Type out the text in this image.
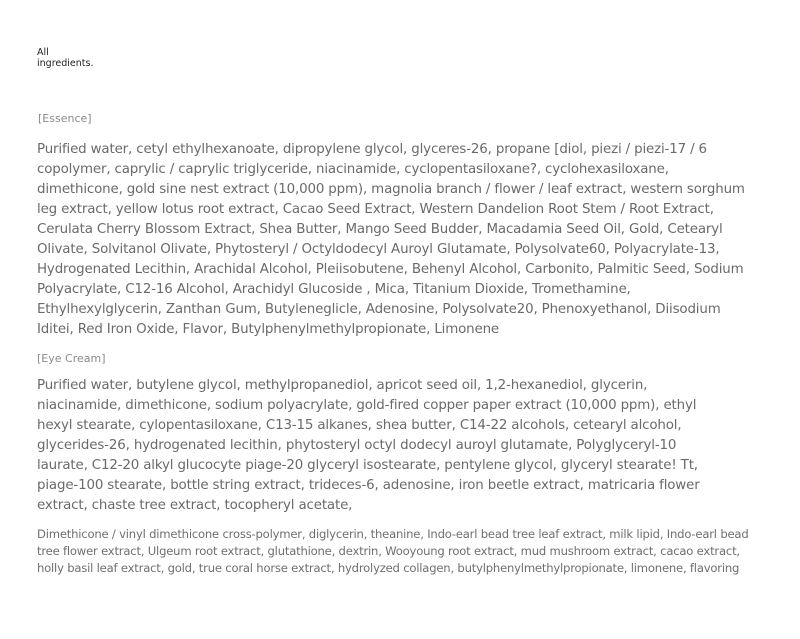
All
ingredients.
[Essence]
Purified water, cetyl ethylhexanoate, dipropylene glycol, glyceres-26, propane [diol, piezi / piezi-17 / 6 copolymer, caprylic / caprylic triglyceride, niacinamide, cyclopentasiloxane?, cyclohexasiloxane, dimethicone, gold sine nest extract (10,000 ppm), magnolia branch / flower / leaf extract, western sorghum leg extract, yellow lotus root extract, Cacao Seed Extract, Western Dandelion Root Stem / Root Extract, Cerulata Cherry Blossom Extract, Shea Butter, Mango Seed Budder, Macadamia Seed Oil, Gold, Cetearyl Olivate, Solvitanol Olivate, Phytosteryl / Octyldodecyl Auroyl Glutamate, Polysolvate60, Polyacrylate-13, Hydrogenated Lecithin, Arachidal Alcohol, Pleiisobutene, Behenyl Alcohol, Carbonito, Palmitic Seed, Sodium Polyacrylate, C12-16 Alcohol, Arachidyl Glucoside , Mica, Titanium Dioxide, Tromethamine, Ethylhexylglycerin, Zanthan Gum, Butyleneglicle, Adenosine, Polysolvate20, Phenoxyethanol, Diisodium Iditei, Red Iron Oxide, Flavor, Butylphenylmethylpropionate, Limonene
[Eye Cream]
Purified water, butylene glycol, methylpropanediol, apricot seed oil, 1,2-hexanediol, glycerin, niacinamide, dimethicone, sodium polyacrylate, gold-fired copper paper extract (10,000 ppm), ethyl hexyl stearate, cylopentasiloxane, C13-15 alkanes, shea butter, C14-22 alcohols, cetearyl alcohol, glycerides-26, hydrogenated lecithin, phytosteryl octyl dodecyl auroyl glutamate, Polyglyceryl-10 laurate, C12-20 alkyl glucocyte piage-20 glyceryl isostearate, pentylene glycol, glyceryl stearate! Tt, piage-100 stearate, bottle string extract, trideces-6, adenosine, iron beetle extract, matricaria flower extract, chaste tree extract, tocopheryl acetate,
Dimethicone / vinyl dimethicone cross-polymer, diglycerin, theanine, Indo-earl bead tree leaf extract, milk lipid, Indo-earl bead tree flower extract, Ulgeum root extract, glutathione, dextrin, Wooyoung root extract, mud mushroom extract, cacao extract, holly basil leaf extract, gold, true coral horse extract, hydrolyzed collagen, butylphenylmethylpropionate, limonene, flavoring
